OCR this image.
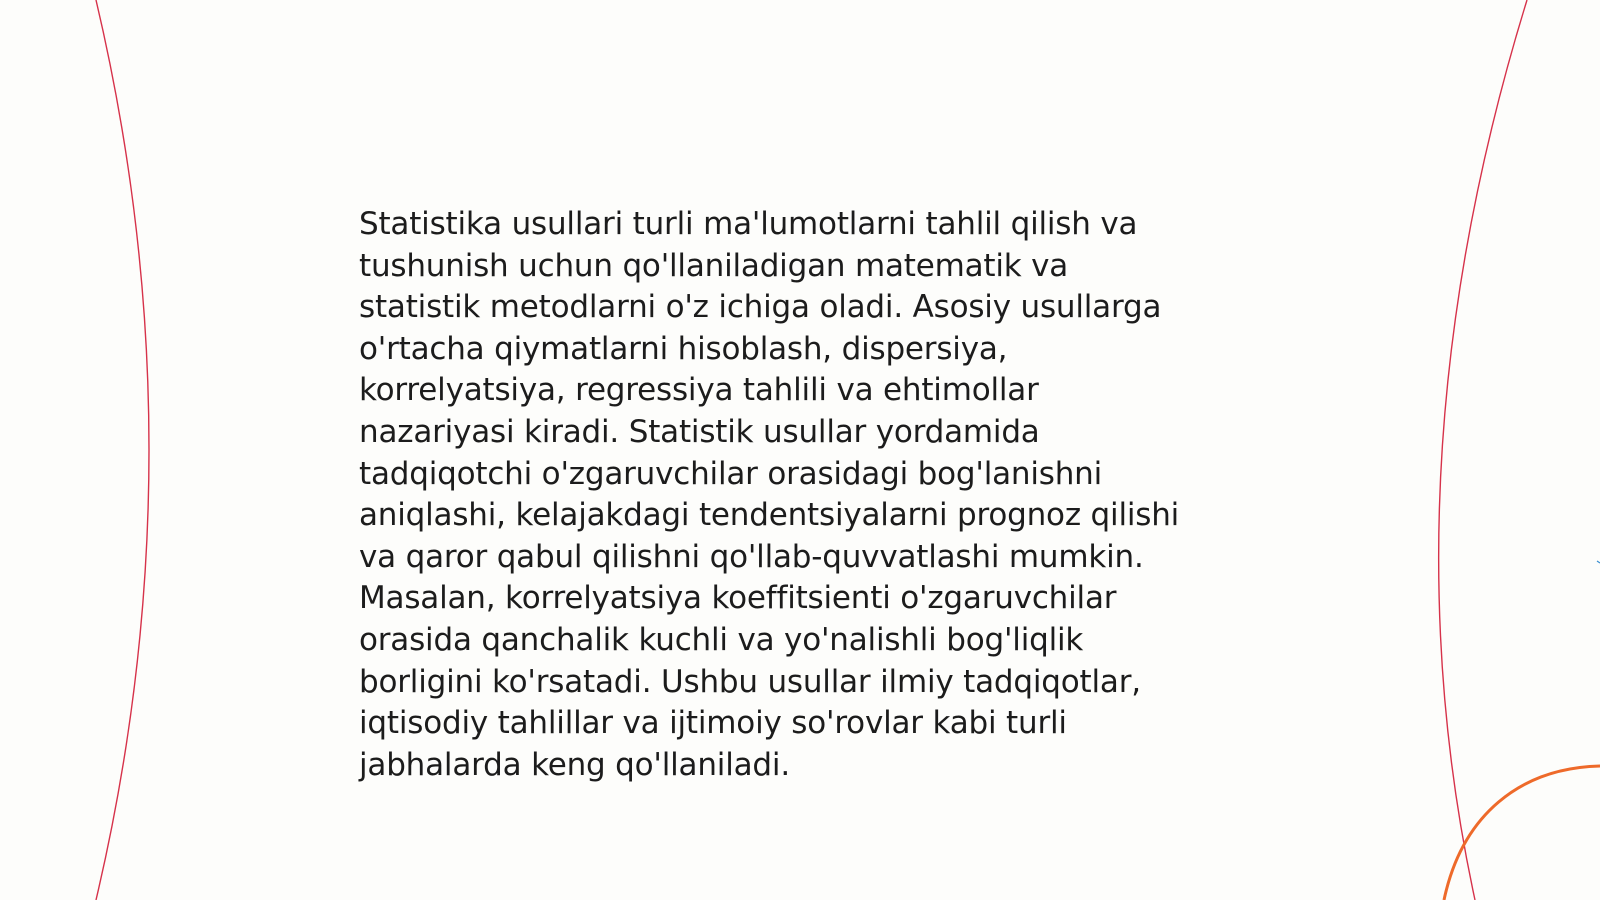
Statistika usullari turli ma'lumotlarni tahlil qilish va
tushunish uchun qo'llaniladigan matematik va
statistik metodlarni o'z ichiga oladi. Asosiy usullarga
o'rtacha qiymatlarni hisoblash, dispersiya,
korrelyatsiya, regressiya tahlili va ehtimollar
nazariyasi kiradi. Statistik usullar yordamida
tadqiqotchi o'zgaruvchilar orasidagi bog'lanishni
aniqlashi, kelajakdagi tendentsiyalarni prognoz qilishi
va qaror qabul qilishni qo'llab-quvvatlashi mumkin.
Masalan, korrelyatsiya koeffitsienti o'zgaruvchilar
orasida qanchalik kuchli va yo'nalishli bog'liqlik
borligini ko'rsatadi. Ushbu usullar ilmiy tadqiqotlar,
iqtisodiy tahlillar va ijtimoiy so'rovlar kabi turli
jabhalarda keng qo'llaniladi.
